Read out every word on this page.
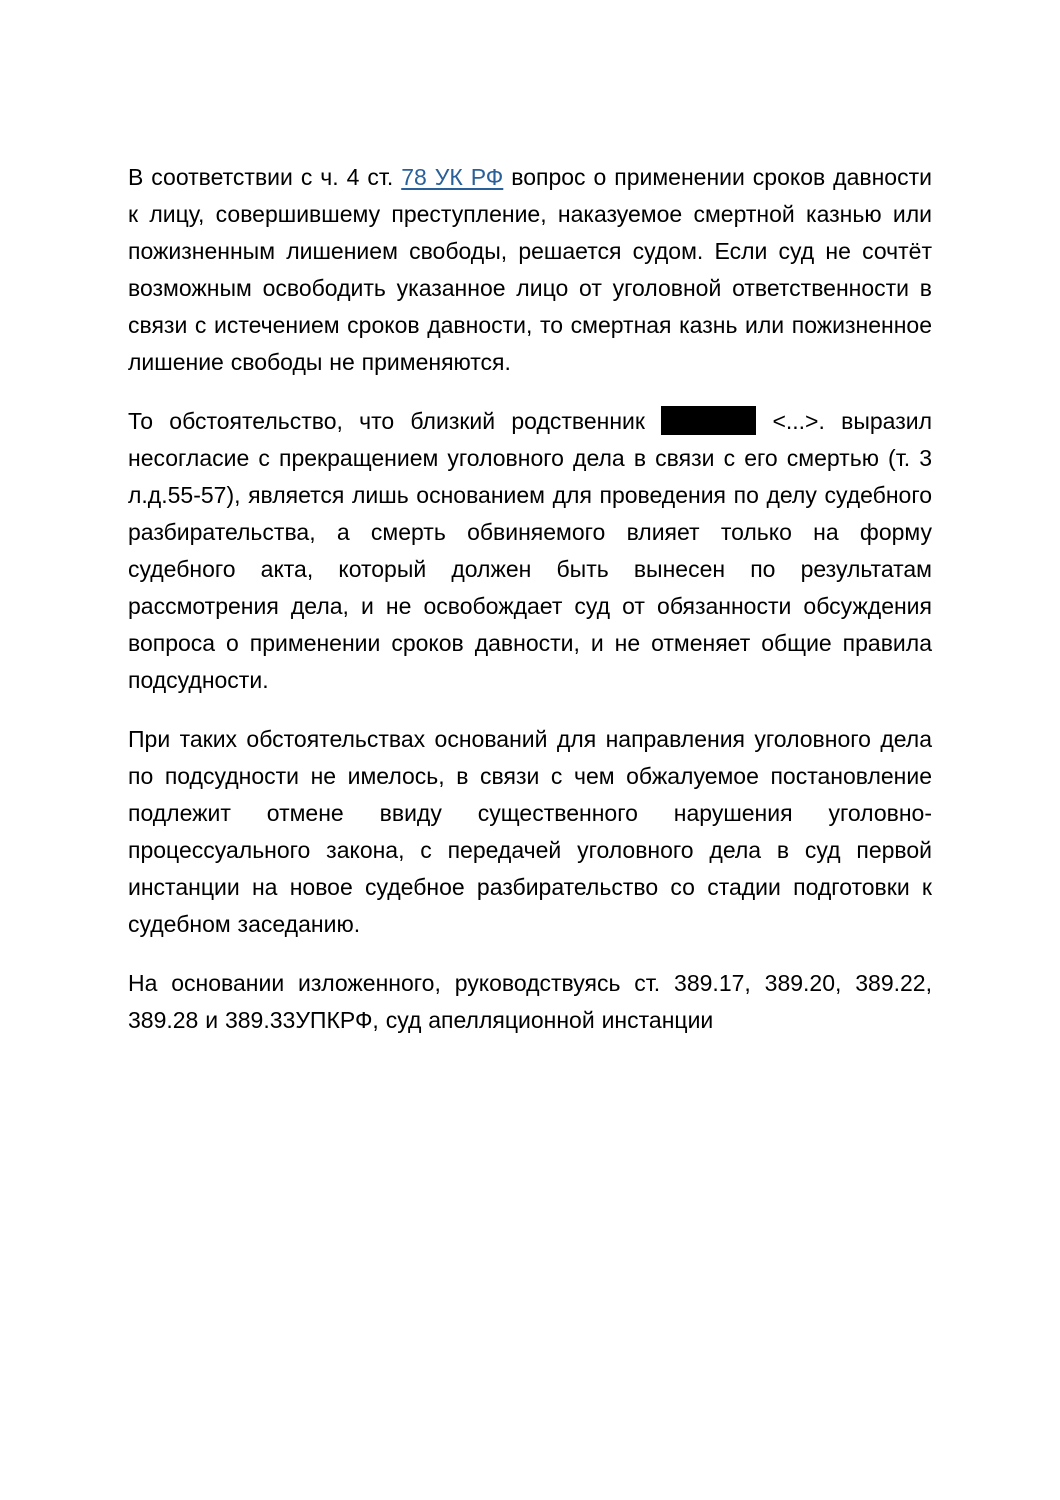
В соответствии с ч. 4 ст. 78 УК РФ вопрос о применении сроков давности к лицу, совершившему преступление, наказуемое смертной казнью или пожизненным лишением свободы, решается судом. Если суд не сочтёт возможным освободить указанное лицо от уголовной ответственности в связи с истечением сроков давности, то смертная казнь или пожизненное лишение свободы не применяются.

То обстоятельство, что близкий родственник	<...>. выразил несогласие с прекращением уголовного дела в связи с его смертью (т. 3 л.д.55-57), является лишь основанием для проведения по делу судебного разбирательства, а смерть обвиняемого влияет только на форму судебного акта, который должен быть вынесен по результатам рассмотрения дела, и не освобождает суд от обязанности обсуждения вопроса о применении сроков давности, и не отменяет общие правила подсудности.

При таких обстоятельствах оснований для направления уголовного дела по подсудности не имелось, в связи с чем обжалуемое постановление подлежит отмене ввиду существенного нарушения уголовно-процессуального закона, с передачей уголовного дела в суд первой инстанции на новое судебное разбирательство со стадии подготовки к судебном заседанию.

На основании изложенного, руководствуясь ст. 389.17, 389.20, 389.22, 389.28 и 389.33УПКРФ, суд апелляционной инстанции
